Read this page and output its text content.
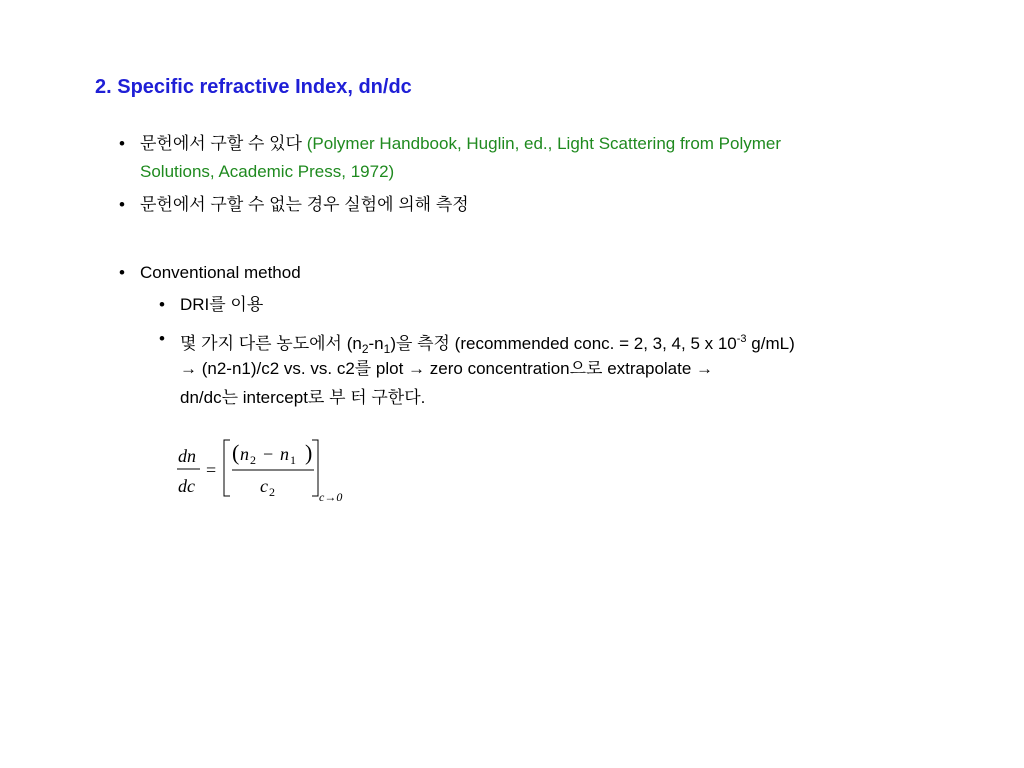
2. Specific refractive Index, dn/dc
• 문헌에서 구할 수 있다 (Polymer Handbook, Huglin, ed., Light Scattering from Polymer
Solutions, Academic Press, 1972)
• 문헌에서 구할 수 없는 경우 실험에 의해 측정
• Conventional method
• DRI를 이용
• 몇 가지 다른 농도에서 $(n_2-n_1)$을 측정 (recommended conc. = 2, 3, 4, 5 x $10^{-3}$ g/mL)
→ (n2-n1)/c2 vs. vs. c2를 plot → zero concentration으로 extrapolate →
dn/dc는 intercept로 부 터 구한다.
dn
dc
=
(	)
n 2 − n 1
c 2	c→0
